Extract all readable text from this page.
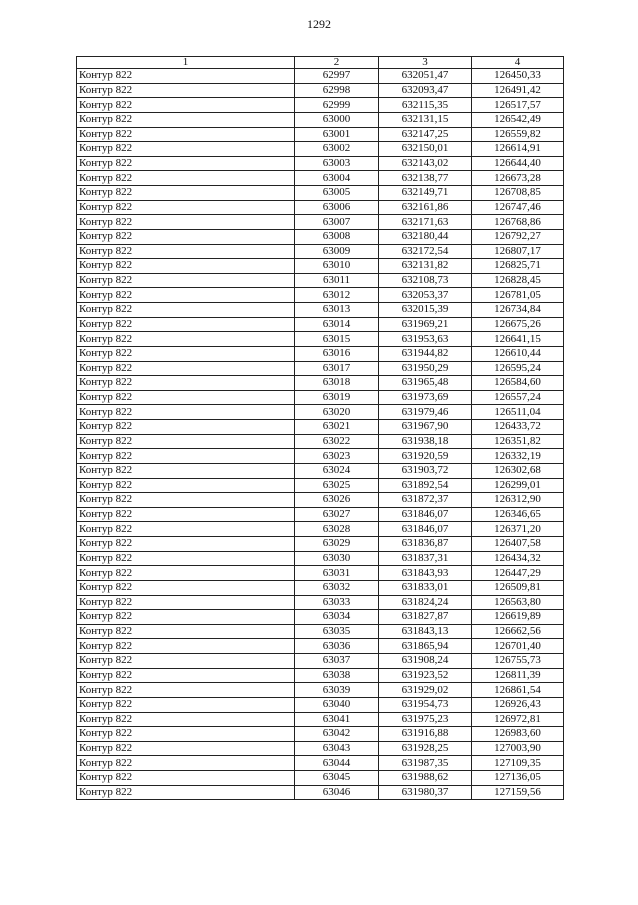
1292
1	2	3	4
Контур 822	62997	632051,47	126450,33
Контур 822	62998	632093,47	126491,42
Контур 822	62999	632115,35	126517,57
Контур 822	63000	632131,15	126542,49
Контур 822	63001	632147,25	126559,82
Контур 822	63002	632150,01	126614,91
Контур 822	63003	632143,02	126644,40
Контур 822	63004	632138,77	126673,28
Контур 822	63005	632149,71	126708,85
Контур 822	63006	632161,86	126747,46
Контур 822	63007	632171,63	126768,86
Контур 822	63008	632180,44	126792,27
Контур 822	63009	632172,54	126807,17
Контур 822	63010	632131,82	126825,71
Контур 822	63011	632108,73	126828,45
Контур 822	63012	632053,37	126781,05
Контур 822	63013	632015,39	126734,84
Контур 822	63014	631969,21	126675,26
Контур 822	63015	631953,63	126641,15
Контур 822	63016	631944,82	126610,44
Контур 822	63017	631950,29	126595,24
Контур 822	63018	631965,48	126584,60
Контур 822	63019	631973,69	126557,24
Контур 822	63020	631979,46	126511,04
Контур 822	63021	631967,90	126433,72
Контур 822	63022	631938,18	126351,82
Контур 822	63023	631920,59	126332,19
Контур 822	63024	631903,72	126302,68
Контур 822	63025	631892,54	126299,01
Контур 822	63026	631872,37	126312,90
Контур 822	63027	631846,07	126346,65
Контур 822	63028	631846,07	126371,20
Контур 822	63029	631836,87	126407,58
Контур 822	63030	631837,31	126434,32
Контур 822	63031	631843,93	126447,29
Контур 822	63032	631833,01	126509,81
Контур 822	63033	631824,24	126563,80
Контур 822	63034	631827,87	126619,89
Контур 822	63035	631843,13	126662,56
Контур 822	63036	631865,94	126701,40
Контур 822	63037	631908,24	126755,73
Контур 822	63038	631923,52	126811,39
Контур 822	63039	631929,02	126861,54
Контур 822	63040	631954,73	126926,43
Контур 822	63041	631975,23	126972,81
Контур 822	63042	631916,88	126983,60
Контур 822	63043	631928,25	127003,90
Контур 822	63044	631987,35	127109,35
Контур 822	63045	631988,62	127136,05
Контур 822	63046	631980,37	127159,56
